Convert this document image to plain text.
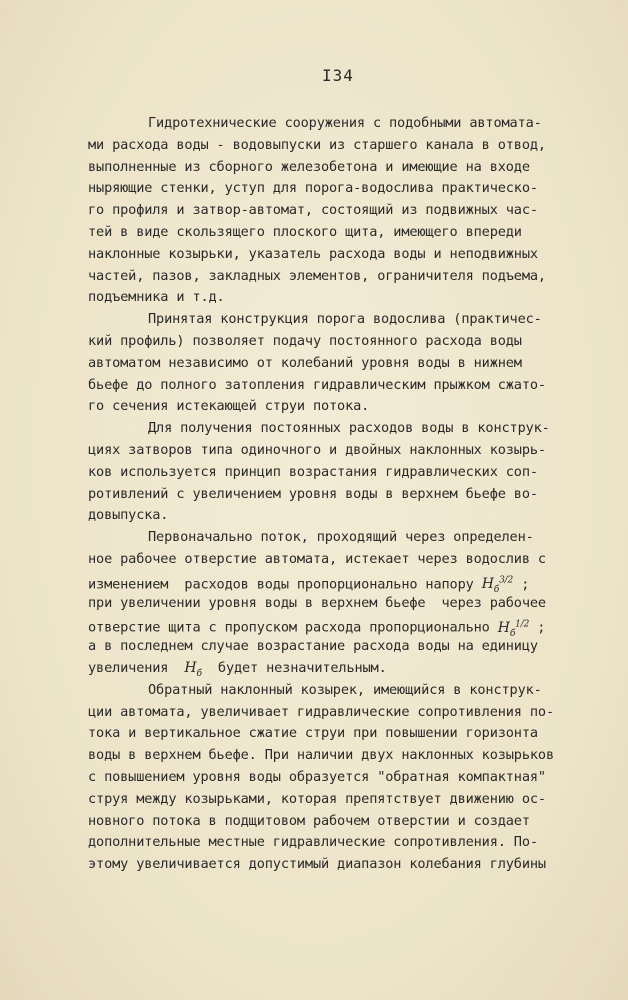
I34
Гидротехнические сооружения с подобными автомата-
ми расхода воды - водовыпуски из старшего канала в отвод,
выполненные из сборного железобетона и имеющие на входе
ныряющие стенки, уступ для порога-водослива практическо-
го профиля и затвор-автомат, состоящий из подвижных час-
тей в виде скользящего плоского щита, имеющего впереди
наклонные козырьки, указатель расхода воды и неподвижных
частей, пазов, закладных элементов, ограничителя подъема,
подъемника и т.д.
Принятая конструкция порога водослива (практичес-
кий профиль) позволяет подачу постоянного расхода воды
автоматом независимо от колебаний уровня воды в нижнем
бьефе до полного затопления гидравлическим прыжком сжато-
го сечения истекающей струи потока.
Для получения постоянных расходов воды в конструк-
циях затворов типа одиночного и двойных наклонных козырь-
ков используется принцип возрастания гидравлических соп-
ротивлений с увеличением уровня воды в верхнем бьефе во-
довыпуска.
Первоначально поток, проходящий через определен-
ное рабочее отверстие автомата, истекает через водослив с
изменением  расходов воды пропорционально напору $H_б^{3/2}$ ;
при увеличении уровня воды в верхнем бьефе  через рабочее
отверстие щита с пропуском расхода пропорционально $H_б^{1/2}$ ;
а в последнем случае возрастание расхода воды на единицу
увеличения $H_б$ будет незначительным.
Обратный наклонный козырек, имеющийся в конструк-
ции автомата, увеличивает гидравлические сопротивления по-
тока и вертикальное сжатие струи при повышении горизонта
воды в верхнем бьефе. При наличии двух наклонных козырьков
с повышением уровня воды образуется "обратная компактная"
струя между козырьками, которая препятствует движению ос-
новного потока в подщитовом рабочем отверстии и создает
дополнительные местные гидравлические сопротивления. По-
этому увеличивается допустимый диапазон колебания глубины
